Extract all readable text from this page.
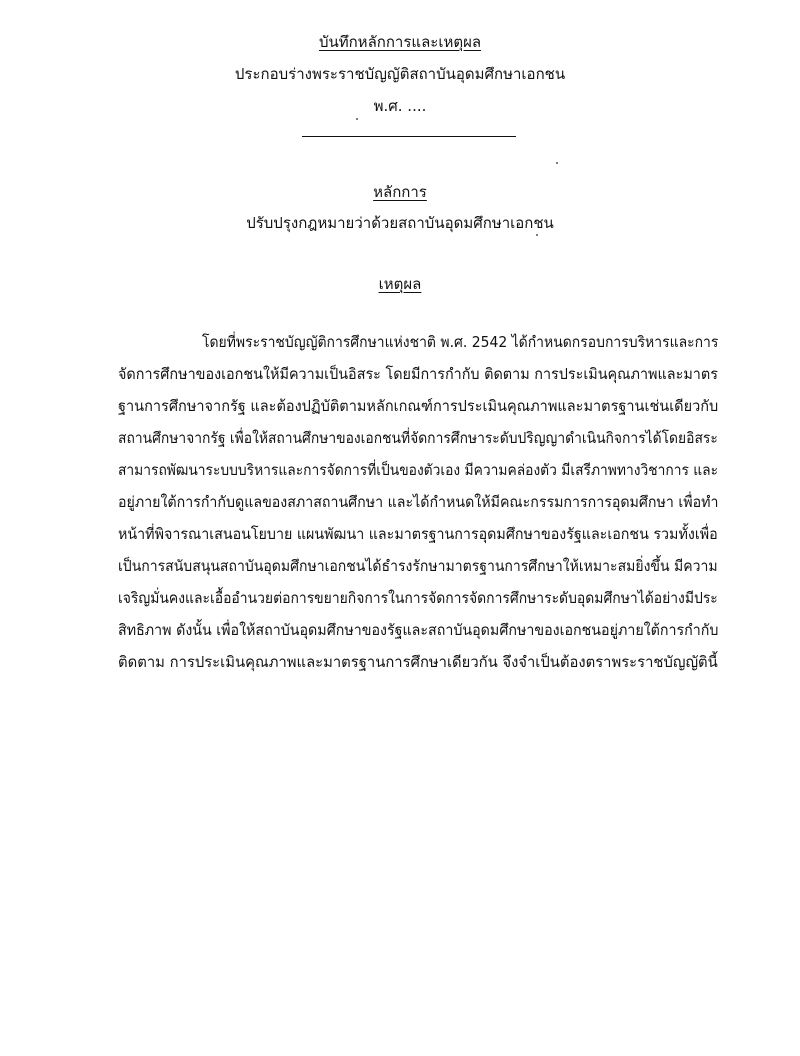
บันทึกหลักการและเหตุผล
ประกอบร่างพระราชบัญญัติสถาบันอุดมศึกษาเอกชน
พ.ศ. ....
หลักการ
ปรับปรุงกฎหมายว่าด้วยสถาบันอุดมศึกษาเอกชน
เหตุผล
โดยที่พระราชบัญญัติการศึกษาแห่งชาติ พ.ศ. 2542 ได้กำหนดกรอบการบริหารและการ
จัดการศึกษาของเอกชนให้มีความเป็นอิสระ โดยมีการกำกับ ติดตาม การประเมินคุณภาพและมาตร
ฐานการศึกษาจากรัฐ และต้องปฏิบัติตามหลักเกณฑ์การประเมินคุณภาพและมาตรฐานเช่นเดียวกับ
สถานศึกษาจากรัฐ เพื่อให้สถานศึกษาของเอกชนที่จัดการศึกษาระดับปริญญาดำเนินกิจการได้โดยอิสระ
สามารถพัฒนาระบบบริหารและการจัดการที่เป็นของตัวเอง มีความคล่องตัว มีเสรีภาพทางวิชาการ และ
อยู่ภายใต้การกำกับดูแลของสภาสถานศึกษา และได้กำหนดให้มีคณะกรรมการการอุดมศึกษา เพื่อทำ
หน้าที่พิจารณาเสนอนโยบาย แผนพัฒนา และมาตรฐานการอุดมศึกษาของรัฐและเอกชน รวมทั้งเพื่อ
เป็นการสนับสนุนสถาบันอุดมศึกษาเอกชนได้ธำรงรักษามาตรฐานการศึกษาให้เหมาะสมยิ่งขึ้น มีความ
เจริญมั่นคงและเอื้ออำนวยต่อการขยายกิจการในการจัดการจัดการศึกษาระดับอุดมศึกษาได้อย่างมีประ
สิทธิภาพ ดังนั้น เพื่อให้สถาบันอุดมศึกษาของรัฐและสถาบันอุดมศึกษาของเอกชนอยู่ภายใต้การกำกับ
ติดตาม การประเมินคุณภาพและมาตรฐานการศึกษาเดียวกัน จึงจำเป็นต้องตราพระราชบัญญัตินี้
